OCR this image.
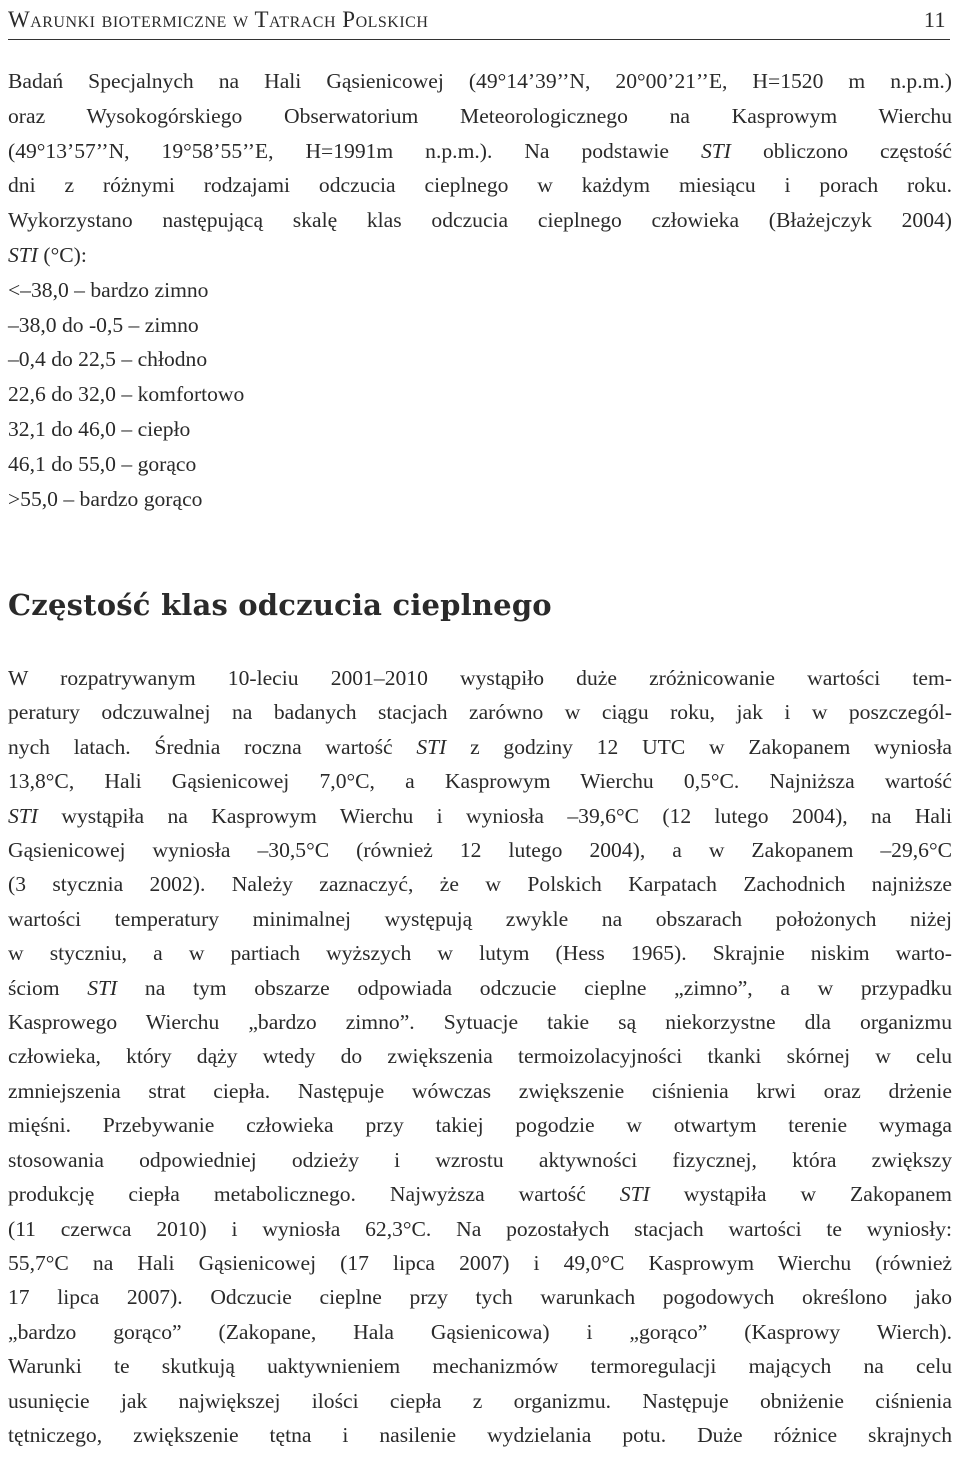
Warunki biotermiczne w Tatrach Polskich	11
Badań Specjalnych na Hali Gąsienicowej (49°14’39’’N, 20°00’21’’E, H=1520 m n.p.m.)
oraz Wysokogórskiego Obserwatorium Meteorologicznego na Kasprowym Wierchu
(49°13’57’’N, 19°58’55’’E, H=1991m n.p.m.). Na podstawie STI obliczono częstość
dni z różnymi rodzajami odczucia cieplnego w każdym miesiącu i porach roku.
Wykorzystano następującą skalę klas odczucia cieplnego człowieka (Błażejczyk 2004)
STI (°C):
<–38,0 – bardzo zimno
–38,0 do -0,5 – zimno
–0,4 do 22,5 – chłodno
22,6 do 32,0 – komfortowo
32,1 do 46,0 – ciepło
46,1 do 55,0 – gorąco
>55,0 – bardzo gorąco
Częstość klas odczucia cieplnego
W rozpatrywanym 10-leciu 2001–2010 wystąpiło duże zróżnicowanie wartości tem-
peratury odczuwalnej na badanych stacjach zarówno w ciągu roku, jak i w poszczegól-
nych latach. Średnia roczna wartość STI z godziny 12 UTC w Zakopanem wyniosła
13,8°C, Hali Gąsienicowej 7,0°C, a Kasprowym Wierchu 0,5°C. Najniższa wartość
STI wystąpiła na Kasprowym Wierchu i wyniosła –39,6°C (12 lutego 2004), na Hali
Gąsienicowej wyniosła –30,5°C (również 12 lutego 2004), a w Zakopanem –29,6°C
(3 stycznia 2002). Należy zaznaczyć, że w Polskich Karpatach Zachodnich najniższe
wartości temperatury minimalnej występują zwykle na obszarach położonych niżej
w styczniu, a w partiach wyższych w lutym (Hess 1965). Skrajnie niskim warto-
ściom STI na tym obszarze odpowiada odczucie cieplne „zimno”, a w przypadku
Kasprowego Wierchu „bardzo zimno”. Sytuacje takie są niekorzystne dla organizmu
człowieka, który dąży wtedy do zwiększenia termoizolacyjności tkanki skórnej w celu
zmniejszenia strat ciepła. Następuje wówczas zwiększenie ciśnienia krwi oraz drżenie
mięśni. Przebywanie człowieka przy takiej pogodzie w otwartym terenie wymaga
stosowania odpowiedniej odzieży i wzrostu aktywności fizycznej, która zwiększy
produkcję ciepła metabolicznego. Najwyższa wartość STI wystąpiła w Zakopanem
(11 czerwca 2010) i wyniosła 62,3°C. Na pozostałych stacjach wartości te wyniosły:
55,7°C na Hali Gąsienicowej (17 lipca 2007) i 49,0°C Kasprowym Wierchu (również
17 lipca 2007). Odczucie cieplne przy tych warunkach pogodowych określono jako
„bardzo gorąco” (Zakopane, Hala Gąsienicowa) i „gorąco” (Kasprowy Wierch).
Warunki te skutkują uaktywnieniem mechanizmów termoregulacji mających na celu
usunięcie jak największej ilości ciepła z organizmu. Następuje obniżenie ciśnienia
tętniczego, zwiększenie tętna i nasilenie wydzielania potu. Duże różnice skrajnych
